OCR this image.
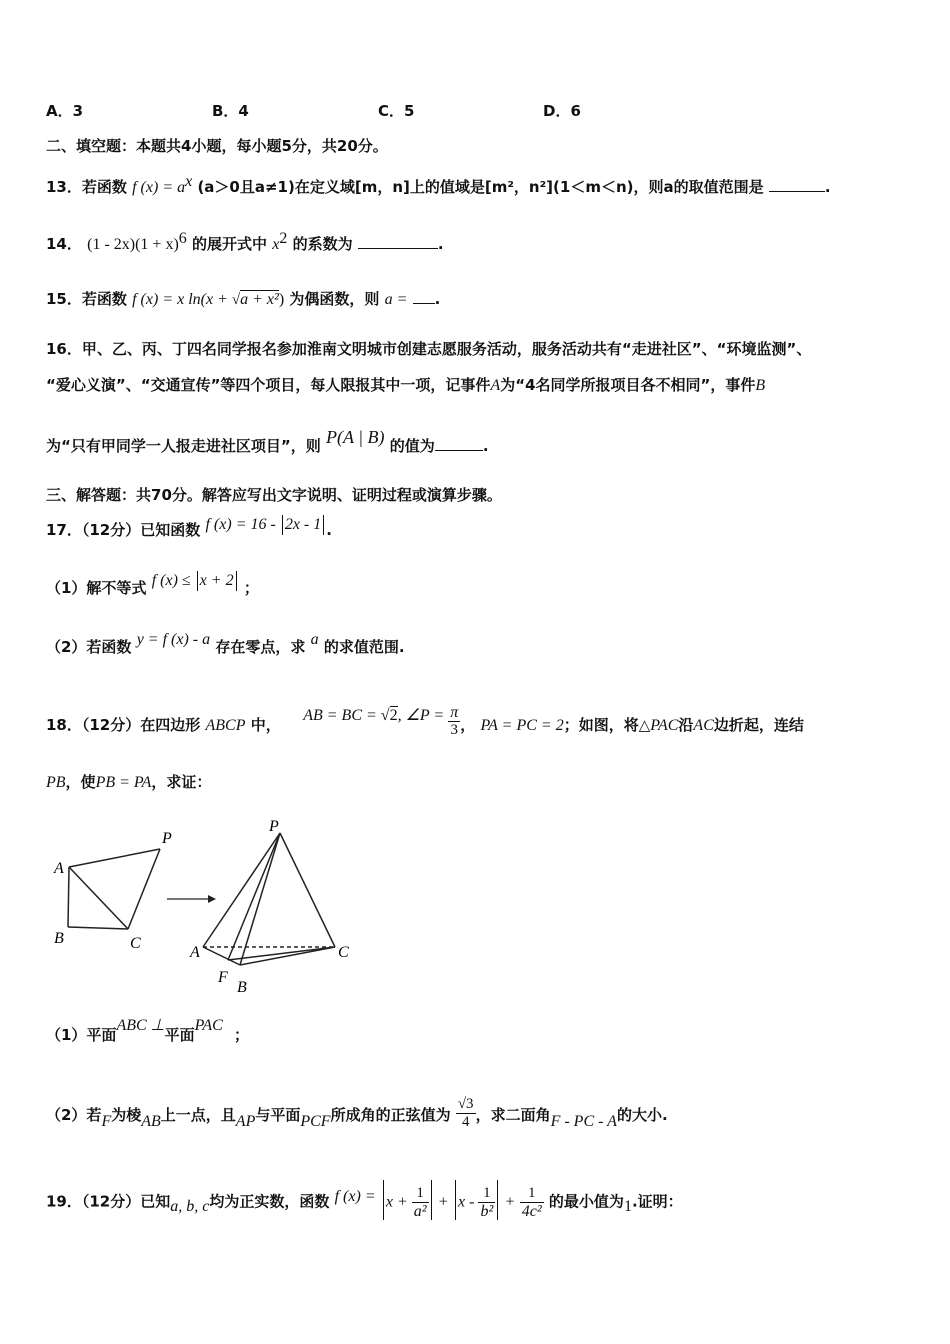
A．3	B．4	C．5	D．6
二、填空题：本题共4小题，每小题5分，共20分。
13．若函数 f $(x) = a^x$ (a＞0且a≠1)在定义域[m，n]上的值域是[m²，n²](1＜m＜n)，则a的取值范围是	.
14． $(1 - 2x)(1 + x)^6$ 的展开式中 $x^2$ 的系数为	.
15．若函数 f (x) = x ln(x + √a + x²) 为偶函数，则 a = .
16．甲、乙、丙、丁四名同学报名参加淮南文明城市创建志愿服务活动，服务活动共有“走进社区”、“环境监测”、
“爱心义演”、“交通宣传”等四个项目，每人限报其中一项，记事件A为“4名同学所报项目各不相同”，事件B
为“只有甲同学一人报走进社区项目”，则 P(A | B) 的值为	.
三、解答题：共70分。解答应写出文字说明、证明过程或演算步骤。
17．（12分）已知函数 f (x) = 16 - 2x - 1 .
（1）解不等式 f (x) ≤ x + 2 ；
（2）若函数 y = f (x) - a 存在零点，求 a 的求值范围.
18．（12分）在四边形 ABCP 中，  AB = BC = √2, ∠P = $\frac{\pi}{3}$ ， PA = PC = 2；如图，将△PAC沿AC边折起，连结
PB，使PB = PA，求证：
P
A
B	C
P
A
F
B
C
（1）平面ABC ⊥平面PAC ；
（2）若F为棱AB上一点，且AP与平面PCF所成角的正弦值为 $\frac{√3}{4}$ ，求二面角F - PC - A的大小.
19．（12分）已知a, b, c均为正实数，函数 f $(x) = x + \frac{1}{\text{a²}} + x - \frac{1}{\text{b²}} + \frac{1}{\text{4c²}}$ 的最小值为1.证明：
